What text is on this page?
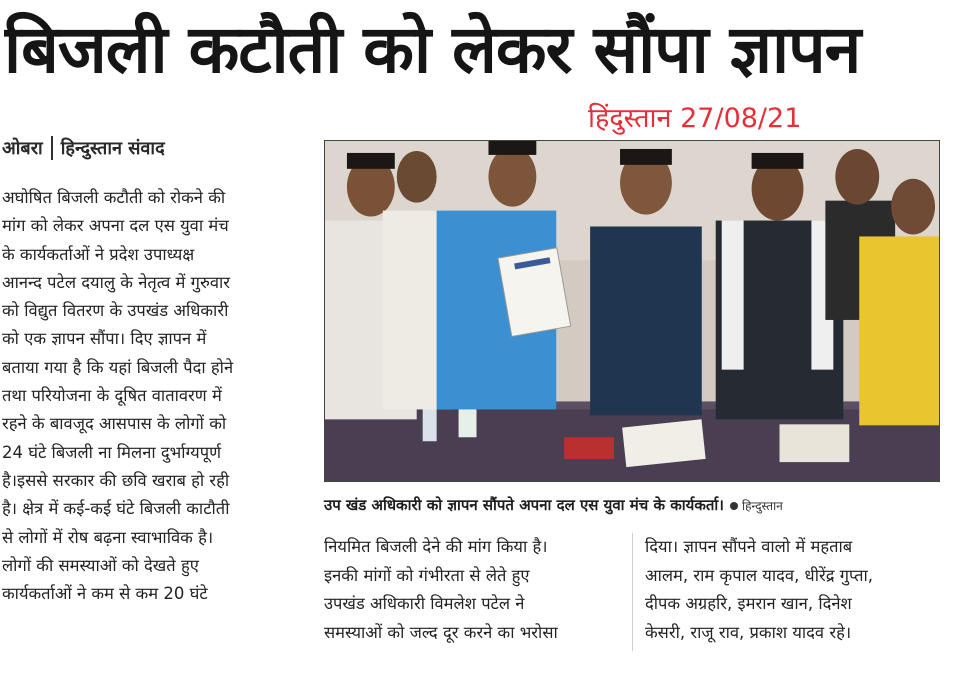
बिजली कटौती को लेकर सौंपा ज्ञापन
हिंदुस्तान 27/08/21
ओबरा हिन्दुस्तान संवाद
अघोषित बिजली कटौती को रोकने की
मांग को लेकर अपना दल एस युवा मंच
के कार्यकर्ताओं ने प्रदेश उपाध्यक्ष
आनन्द पटेल दयालु के नेतृत्व में गुरुवार
को विद्युत वितरण के उपखंड अधिकारी
को एक ज्ञापन सौंपा। दिए ज्ञापन में
बताया गया है कि यहां बिजली पैदा होने
तथा परियोजना के दूषित वातावरण में
रहने के बावजूद आसपास के लोगों को
24 घंटे बिजली ना मिलना दुर्भाग्यपूर्ण
है।इससे सरकार की छवि खराब हो रही
है। क्षेत्र में कई-कई घंटे बिजली काटौती
से लोगों में रोष बढ़ना स्वाभाविक है।
लोगों की समस्याओं को देखते हुए
कार्यकर्ताओं ने कम से कम 20 घंटे
उप खंड अधिकारी को ज्ञापन सौंपते अपना दल एस युवा मंच के कार्यकर्ता।	हिन्दुस्तान
नियमित बिजली देने की मांग किया है।
इनकी मांगों को गंभीरता से लेते हुए
उपखंड अधिकारी विमलेश पटेल ने
समस्याओं को जल्द दूर करने का भरोसा
दिया। ज्ञापन सौंपने वालो में महताब
आलम, राम कृपाल यादव, धीरेंद्र गुप्ता,
दीपक अग्रहरि, इमरान खान, दिनेश
केसरी, राजू राव, प्रकाश यादव रहे।
